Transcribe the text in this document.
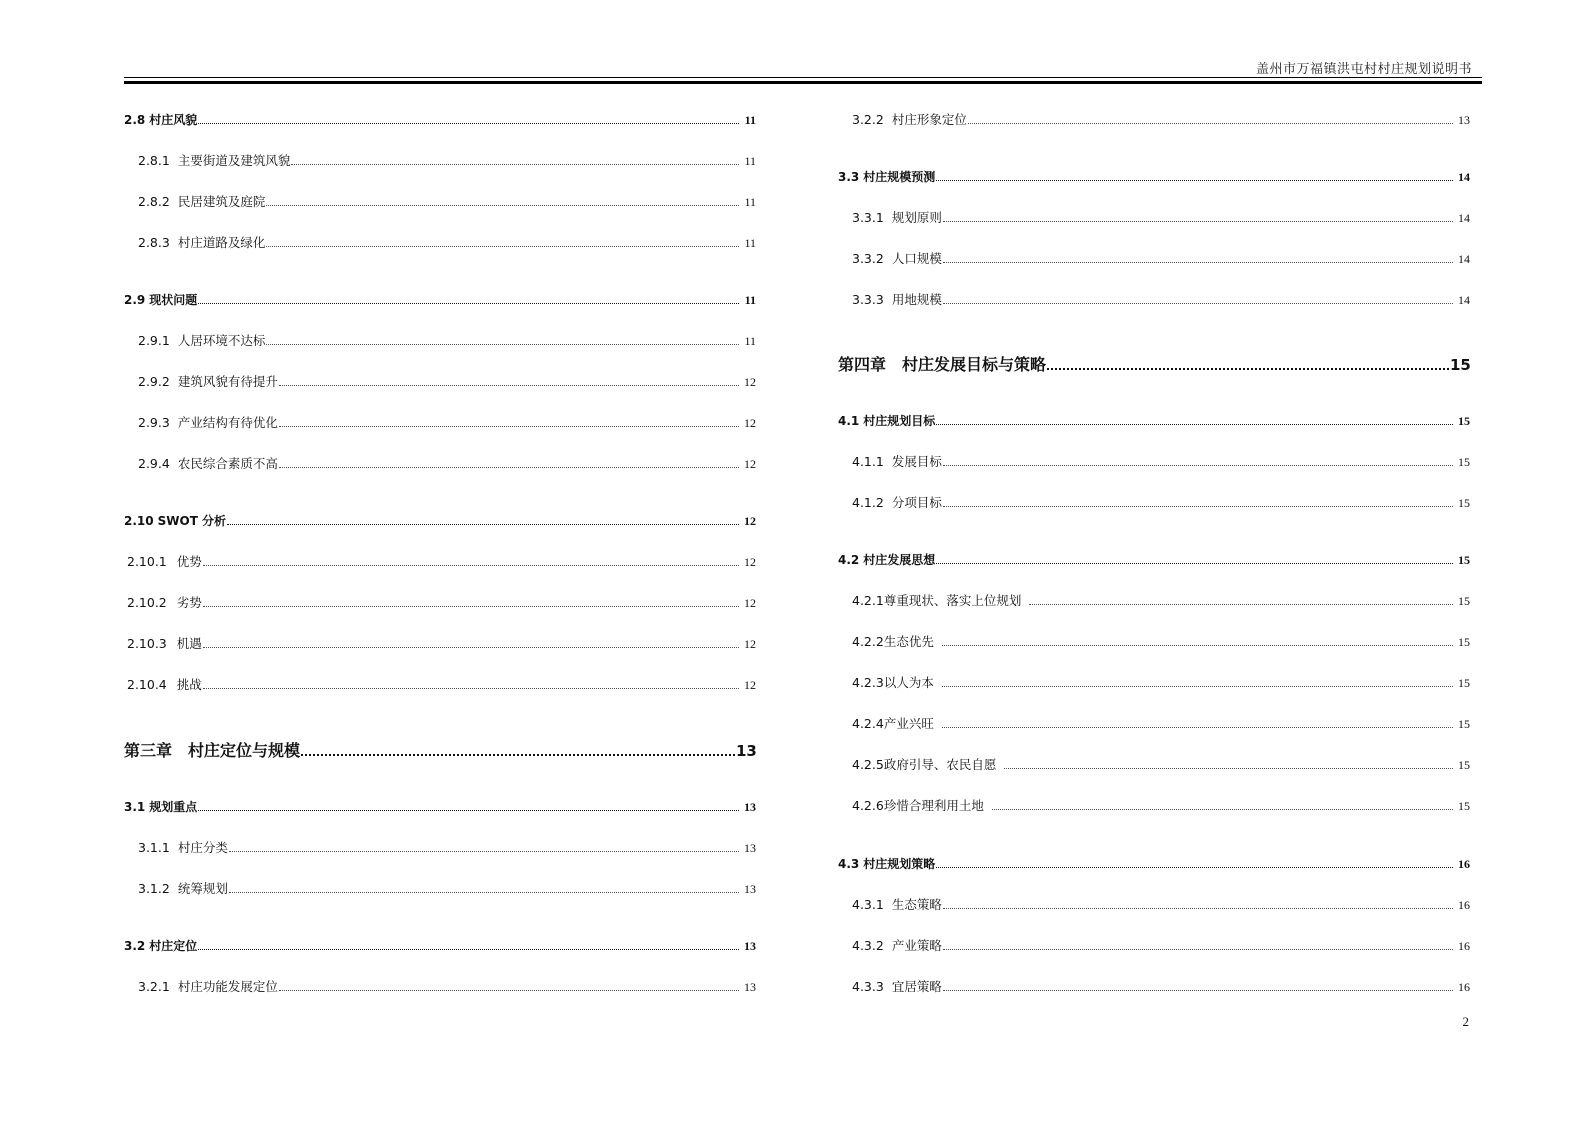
盖州市万福镇洪屯村村庄规划说明书
2.8 村庄风貌	11
2.8.1 主要街道及建筑风貌	11
2.8.2 民居建筑及庭院	11
2.8.3 村庄道路及绿化	11
2.9 现状问题	11
2.9.1 人居环境不达标	11
2.9.2 建筑风貌有待提升	12
2.9.3 产业结构有待优化	12
2.9.4 农民综合素质不高	12
2.10 SWOT 分析	12
2.10.1 优势	12
2.10.2 劣势	12
2.10.3 机遇	12
2.10.4 挑战	12
第三章 村庄定位与规模	13
3.1 规划重点	13
3.1.1 村庄分类	13
3.1.2 统筹规划	13
3.2 村庄定位	13
3.2.1 村庄功能发展定位	13
3.2.2 村庄形象定位	13
3.3 村庄规模预测	14
3.3.1 规划原则	14
3.3.2 人口规模	14
3.3.3 用地规模	14
第四章 村庄发展目标与策略	15
4.1 村庄规划目标	15
4.1.1 发展目标	15
4.1.2 分项目标	15
4.2 村庄发展思想	15
4.2.1尊重现状、落实上位规划	15
4.2.2生态优先	15
4.2.3以人为本	15
4.2.4产业兴旺	15
4.2.5政府引导、农民自愿	15
4.2.6珍惜合理利用土地	15
4.3 村庄规划策略	16
4.3.1 生态策略	16
4.3.2 产业策略	16
4.3.3 宜居策略	16
2
